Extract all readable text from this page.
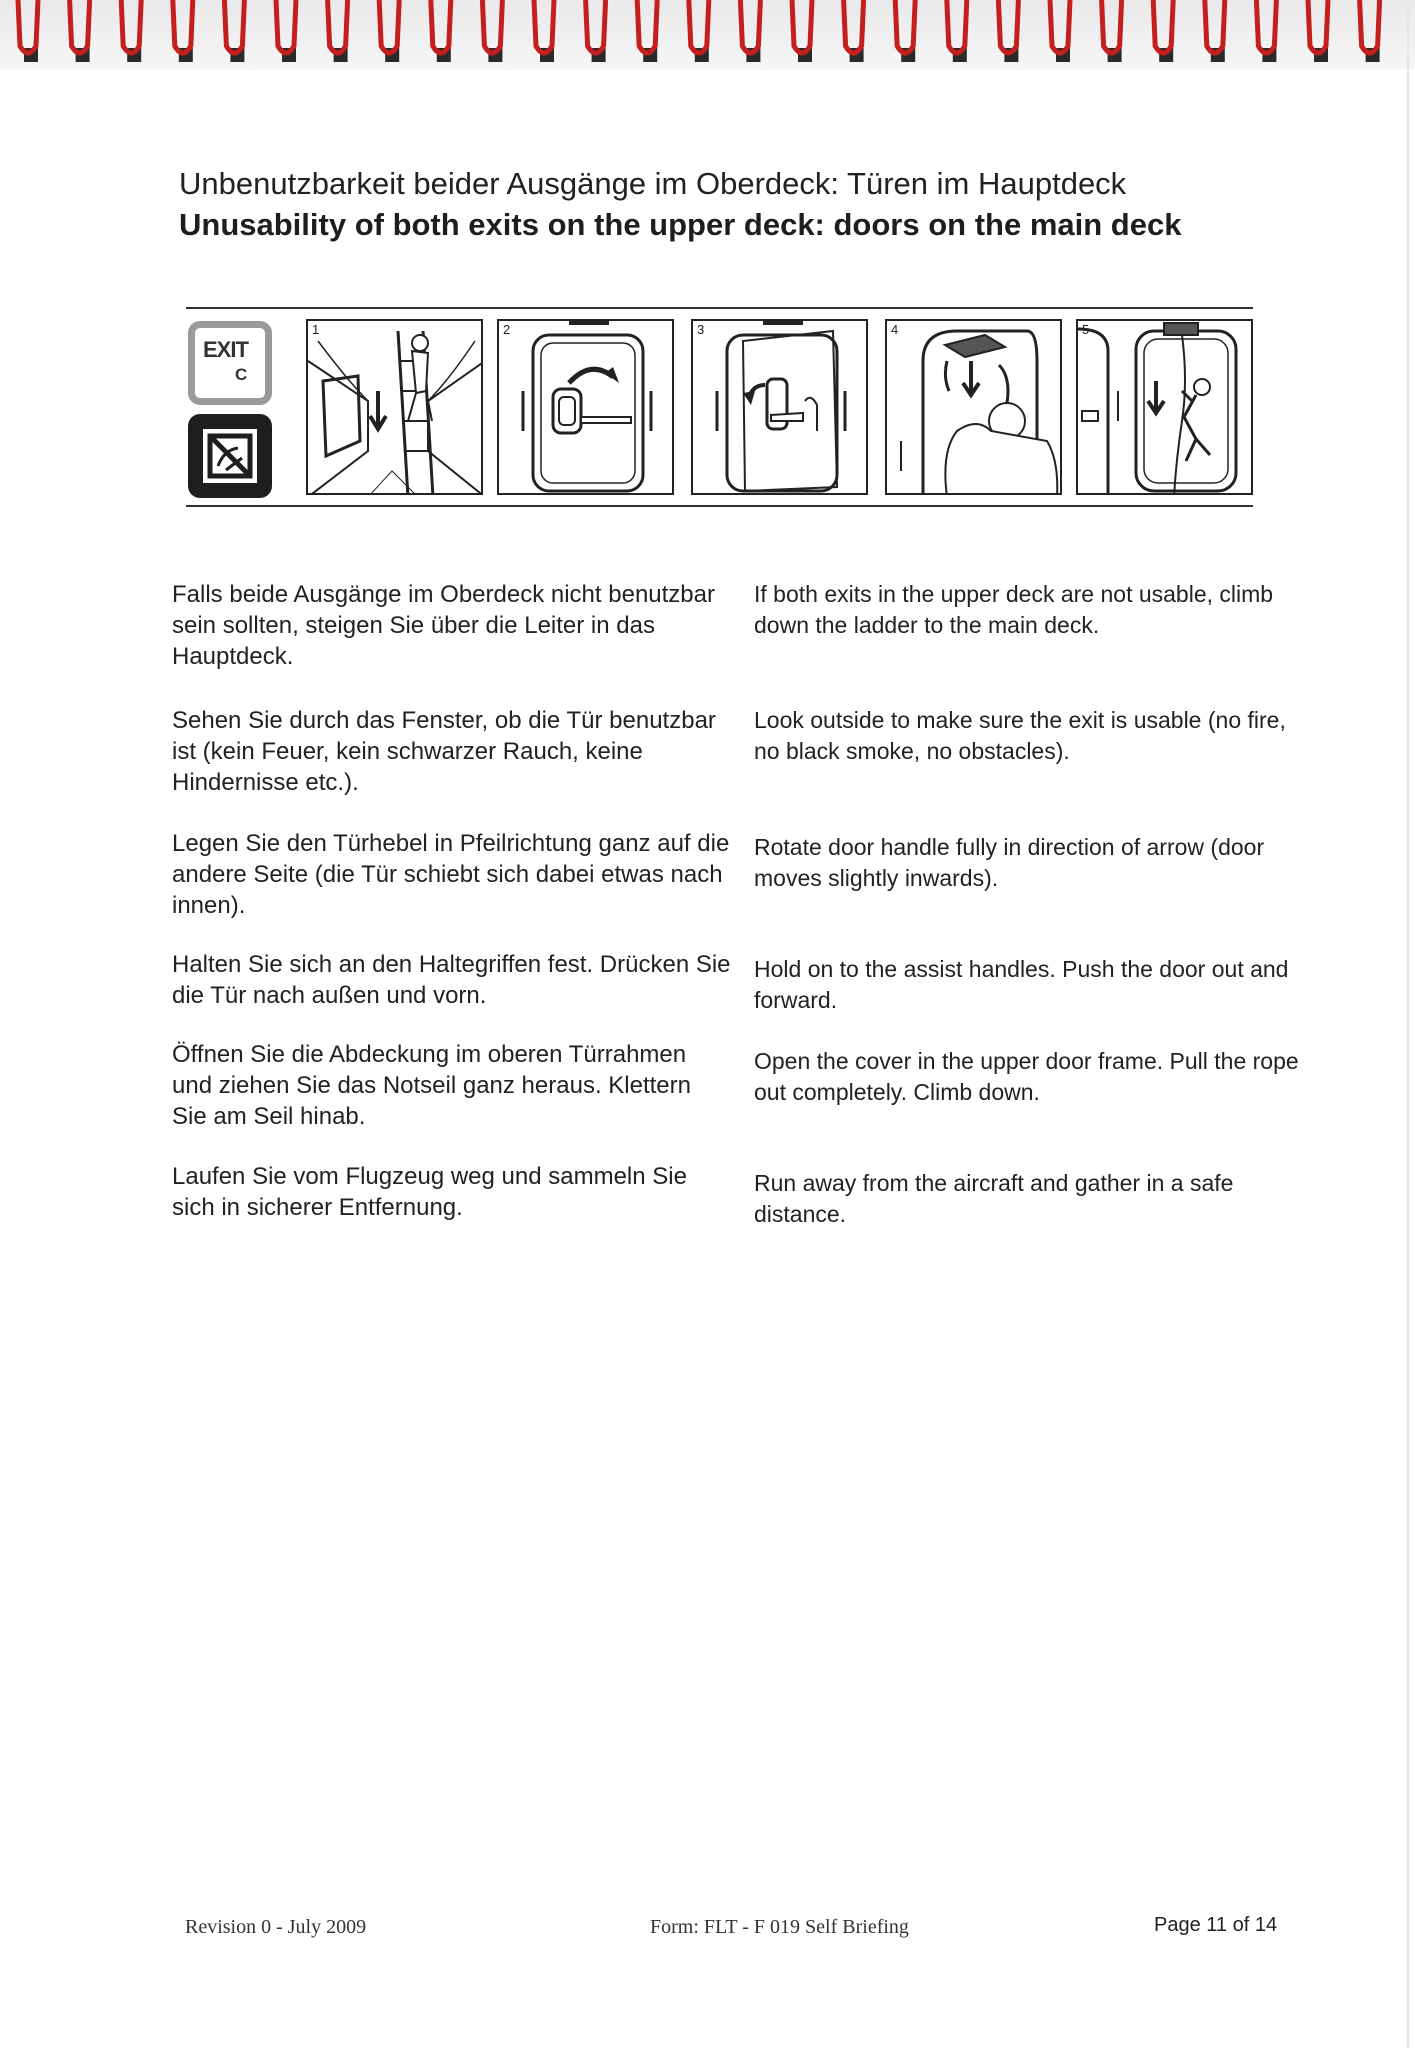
Unbenutzbarkeit beider Ausgänge im Oberdeck: Türen im Hauptdeck
Unusability of both exits on the upper deck: doors on the main deck
EXIT
C
1	2	3	4	5
Falls beide Ausgänge im Oberdeck nicht benutzbar sein sollten, steigen Sie über die Leiter in das Hauptdeck.
If both exits in the upper deck are not usable, climb down the ladder to the main deck.
Sehen Sie durch das Fenster, ob die Tür benutzbar ist (kein Feuer, kein schwarzer Rauch, keine Hindernisse etc.).
Look outside to make sure the exit is usable (no fire, no black smoke, no obstacles).
Legen Sie den Türhebel in Pfeilrichtung ganz auf die andere Seite (die Tür schiebt sich dabei etwas nach innen).
Rotate door handle fully in direction of arrow (door moves slightly inwards).
Halten Sie sich an den Haltegriffen fest. Drücken Sie die Tür nach außen und vorn.
Hold on to the assist handles. Push the door out and forward.
Öffnen Sie die Abdeckung im oberen Türrahmen und ziehen Sie das Notseil ganz heraus. Klettern Sie am Seil hinab.
Open the cover in the upper door frame. Pull the rope out completely. Climb down.
Laufen Sie vom Flugzeug weg und sammeln Sie sich in sicherer Entfernung.
Run away from the aircraft and gather in a safe distance.
Revision 0 - July 2009	Form: FLT - F 019 Self Briefing	Page 11 of 14
